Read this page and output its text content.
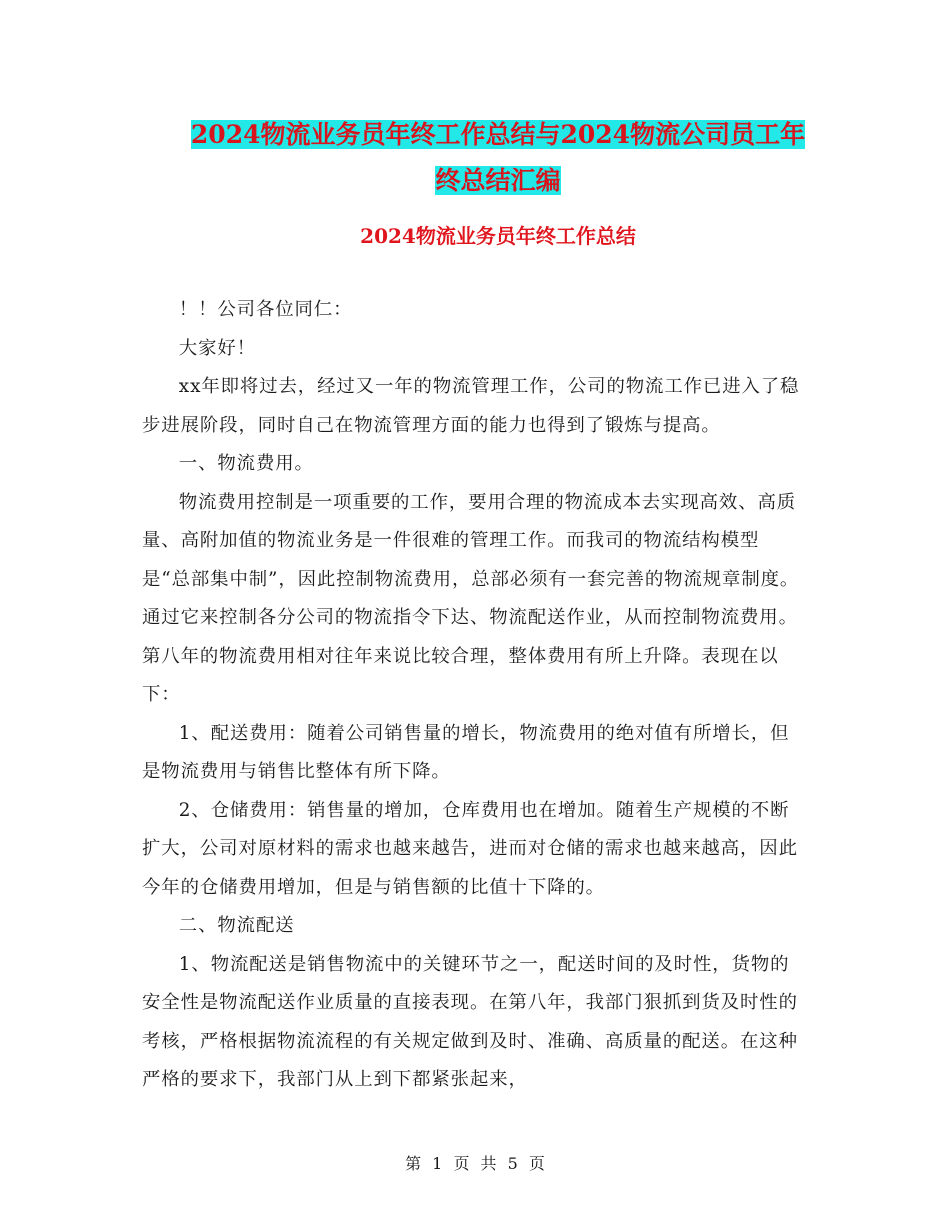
2024物流业务员年终工作总结与2024物流公司员工年
终总结汇编
2024物流业务员年终工作总结

！！公司各位同仁：

大家好！

xx年即将过去，经过又一年的物流管理工作，公司的物流工作已进入了稳步进展阶段，同时自己在物流管理方面的能力也得到了锻炼与提高。

一、物流费用。

物流费用控制是一项重要的工作，要用合理的物流成本去实现高效、高质量、高附加值的物流业务是一件很难的管理工作。而我司的物流结构模型是“总部集中制”，因此控制物流费用，总部必须有一套完善的物流规章制度。通过它来控制各分公司的物流指令下达、物流配送作业，从而控制物流费用。第八年的物流费用相对往年来说比较合理，整体费用有所上升降。表现在以下：

1、配送费用：随着公司销售量的增长，物流费用的绝对值有所增长，但是物流费用与销售比整体有所下降。

2、仓储费用：销售量的增加，仓库费用也在增加。随着生产规模的不断扩大，公司对原材料的需求也越来越告，进而对仓储的需求也越来越高，因此今年的仓储费用增加，但是与销售额的比值十下降的。

二、物流配送

1、物流配送是销售物流中的关键环节之一，配送时间的及时性，货物的安全性是物流配送作业质量的直接表现。在第八年，我部门狠抓到货及时性的考核，严格根据物流流程的有关规定做到及时、准确、高质量的配送。在这种严格的要求下，我部门从上到下都紧张起来，

第 1 页 共 5 页
